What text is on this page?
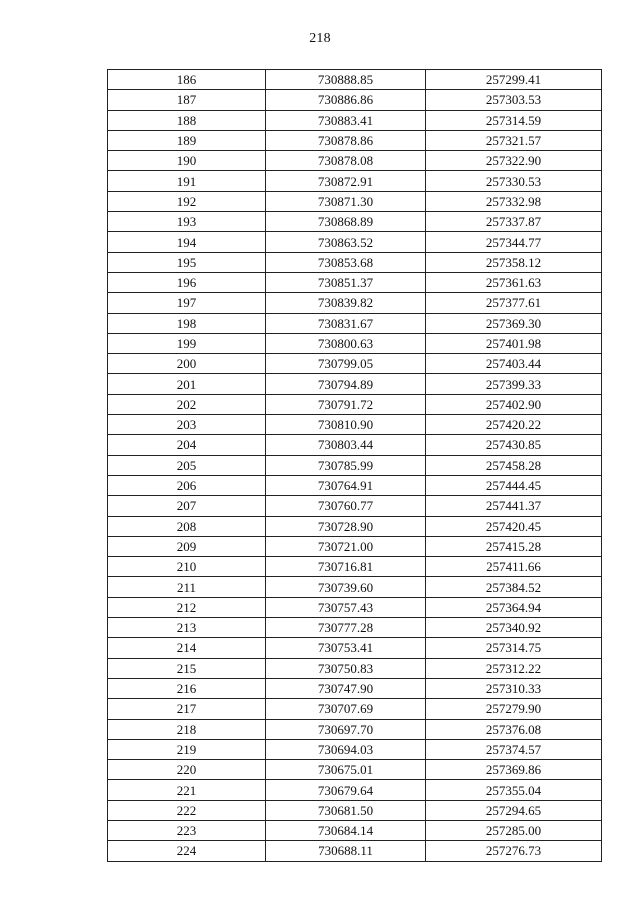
218
186	730888.85	257299.41
187	730886.86	257303.53
188	730883.41	257314.59
189	730878.86	257321.57
190	730878.08	257322.90
191	730872.91	257330.53
192	730871.30	257332.98
193	730868.89	257337.87
194	730863.52	257344.77
195	730853.68	257358.12
196	730851.37	257361.63
197	730839.82	257377.61
198	730831.67	257369.30
199	730800.63	257401.98
200	730799.05	257403.44
201	730794.89	257399.33
202	730791.72	257402.90
203	730810.90	257420.22
204	730803.44	257430.85
205	730785.99	257458.28
206	730764.91	257444.45
207	730760.77	257441.37
208	730728.90	257420.45
209	730721.00	257415.28
210	730716.81	257411.66
211	730739.60	257384.52
212	730757.43	257364.94
213	730777.28	257340.92
214	730753.41	257314.75
215	730750.83	257312.22
216	730747.90	257310.33
217	730707.69	257279.90
218	730697.70	257376.08
219	730694.03	257374.57
220	730675.01	257369.86
221	730679.64	257355.04
222	730681.50	257294.65
223	730684.14	257285.00
224	730688.11	257276.73
